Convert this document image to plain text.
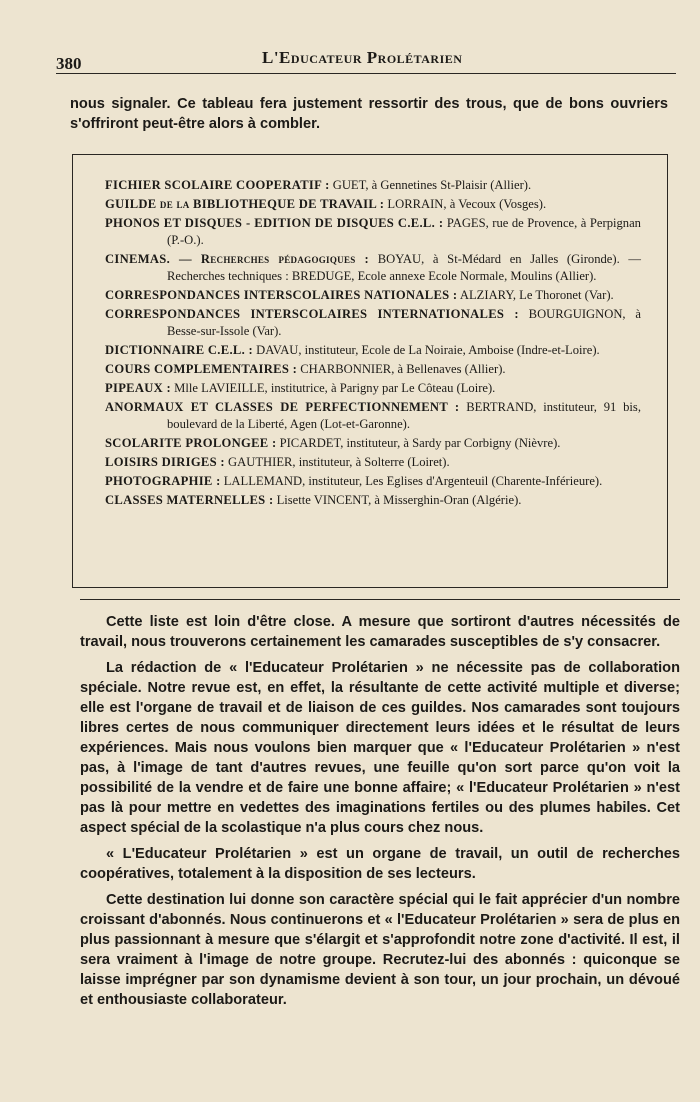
380	L'Educateur Prolétarien

nous signaler. Ce tableau fera justement ressortir des trous, que de bons ouvriers s'offriront peut-être alors à combler.

FICHIER SCOLAIRE COOPERATIF : GUET, à Gennetines St-Plaisir (Allier).

GUILDE de la BIBLIOTHEQUE DE TRAVAIL : LORRAIN, à Vecoux (Vosges).

PHONOS ET DISQUES - EDITION DE DISQUES C.E.L. : PAGES, rue de Provence, à Perpignan (P.-O.).

CINEMAS. — Recherches pédagogiques : BOYAU, à St-Médard en Jalles (Gironde). — Recherches techniques : BREDUGE, Ecole annexe Ecole Normale, Moulins (Allier).

CORRESPONDANCES INTERSCOLAIRES NATIONALES : ALZIARY, Le Thoronet (Var).

CORRESPONDANCES INTERSCOLAIRES INTERNATIONALES : BOURGUIGNON, à Besse-sur-Issole (Var).

DICTIONNAIRE C.E.L. : DAVAU, instituteur, Ecole de La Noiraie, Amboise (Indre-et-Loire).

COURS COMPLEMENTAIRES : CHARBONNIER, à Bellenaves (Allier).

PIPEAUX : Mlle LAVIEILLE, institutrice, à Parigny par Le Côteau (Loire).

ANORMAUX ET CLASSES DE PERFECTIONNEMENT : BERTRAND, instituteur, 91 bis, boulevard de la Liberté, Agen (Lot-et-Garonne).

SCOLARITE PROLONGEE : PICARDET, instituteur, à Sardy par Corbigny (Nièvre).

LOISIRS DIRIGES : GAUTHIER, instituteur, à Solterre (Loiret).

PHOTOGRAPHIE : LALLEMAND, instituteur, Les Eglises d'Argenteuil (Charente-Inférieure).

CLASSES MATERNELLES : Lisette VINCENT, à Misserghin-Oran (Algérie).

Cette liste est loin d'être close. A mesure que sortiront d'autres nécessités de travail, nous trouverons certainement les camarades susceptibles de s'y consacrer.

La rédaction de « l'Educateur Prolétarien » ne nécessite pas de collaboration spéciale. Notre revue est, en effet, la résultante de cette activité multiple et diverse; elle est l'organe de travail et de liaison de ces guildes. Nos camarades sont toujours libres certes de nous communiquer directement leurs idées et le résultat de leurs expériences. Mais nous voulons bien marquer que « l'Educateur Prolétarien » n'est pas, à l'image de tant d'autres revues, une feuille qu'on sort parce qu'on voit la possibilité de la vendre et de faire une bonne affaire; « l'Educateur Prolétarien » n'est pas là pour mettre en vedettes des imaginations fertiles ou des plumes habiles. Cet aspect spécial de la scolastique n'a plus cours chez nous.

« L'Educateur Prolétarien » est un organe de travail, un outil de recherches coopératives, totalement à la disposition de ses lecteurs.

Cette destination lui donne son caractère spécial qui le fait apprécier d'un nombre croissant d'abonnés. Nous continuerons et « l'Educateur Prolétarien » sera de plus en plus passionnant à mesure que s'élargit et s'approfondit notre zone d'activité. Il est, il sera vraiment à l'image de notre groupe. Recrutez-lui des abonnés : quiconque se laisse imprégner par son dynamisme devient à son tour, un jour prochain, un dévoué et enthousiaste collaborateur.
